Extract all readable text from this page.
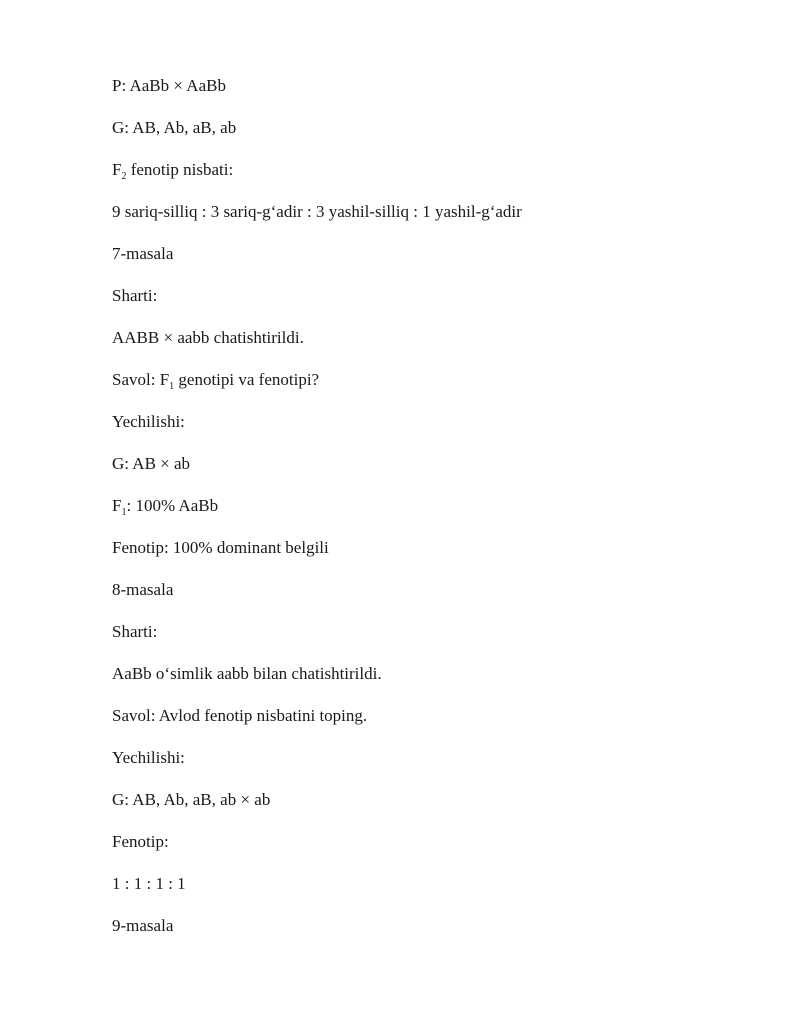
P: AaBb × AaBb

G: AB, Ab, aB, ab

$F_2$ fenotip nisbati:

9 sariq-silliq : 3 sariq-g‘adir : 3 yashil-silliq : 1 yashil-g‘adir

7-masala

Sharti:

AABB × aabb chatishtirildi.

Savol: $F_1$ genotipi va fenotipi?

Yechilishi:

G: AB × ab

$F_1$: 100% AaBb

Fenotip: 100% dominant belgili

8-masala

Sharti:

AaBb o‘simlik aabb bilan chatishtirildi.

Savol: Avlod fenotip nisbatini toping.

Yechilishi:

G: AB, Ab, aB, ab × ab

Fenotip:

1 : 1 : 1 : 1

9-masala
